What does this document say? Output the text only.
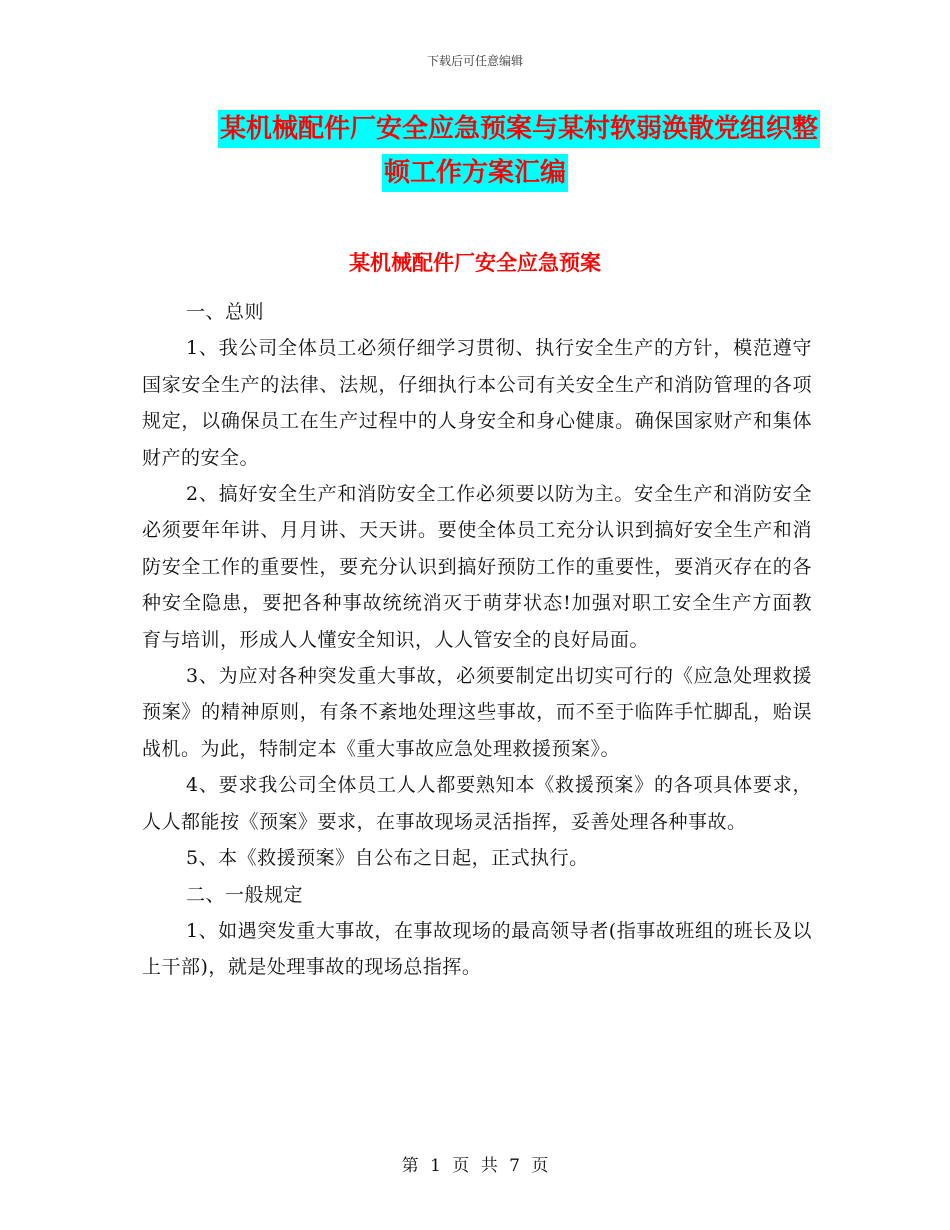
下载后可任意编辑
某机械配件厂安全应急预案与某村软弱涣散党组织整
顿工作方案汇编
某机械配件厂安全应急预案

一、总则

1、我公司全体员工必须仔细学习贯彻、执行安全生产的方针，模范遵守国家安全生产的法律、法规，仔细执行本公司有关安全生产和消防管理的各项规定，以确保员工在生产过程中的人身安全和身心健康。确保国家财产和集体财产的安全。

2、搞好安全生产和消防安全工作必须要以防为主。安全生产和消防安全必须要年年讲、月月讲、天天讲。要使全体员工充分认识到搞好安全生产和消防安全工作的重要性，要充分认识到搞好预防工作的重要性，要消灭存在的各种安全隐患，要把各种事故统统消灭于萌芽状态!加强对职工安全生产方面教育与培训，形成人人懂安全知识，人人管安全的良好局面。

3、为应对各种突发重大事故，必须要制定出切实可行的《应急处理救援预案》的精神原则，有条不紊地处理这些事故，而不至于临阵手忙脚乱，贻误战机。为此，特制定本《重大事故应急处理救援预案》。

4、要求我公司全体员工人人都要熟知本《救援预案》的各项具体要求，人人都能按《预案》要求，在事故现场灵活指挥，妥善处理各种事故。

5、本《救援预案》自公布之日起，正式执行。

二、一般规定

1、如遇突发重大事故，在事故现场的最高领导者(指事故班组的班长及以上干部)，就是处理事故的现场总指挥。

第 1 页 共 7 页
